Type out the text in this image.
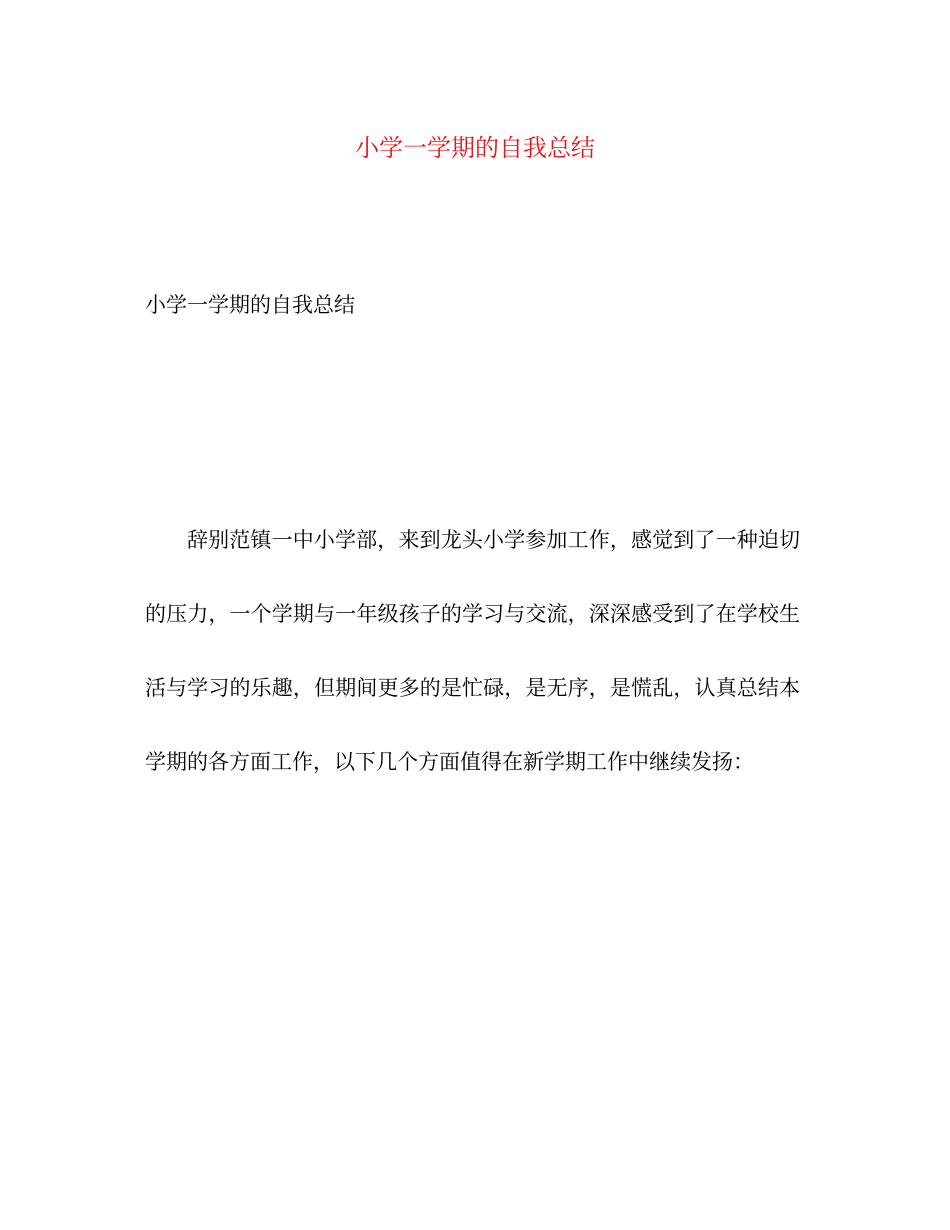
小学一学期的自我总结

小学一学期的自我总结

辞别范镇一中小学部，来到龙头小学参加工作，感觉到了一种迫切的压力，一个学期与一年级孩子的学习与交流，深深感受到了在学校生活与学习的乐趣，但期间更多的是忙碌，是无序，是慌乱，认真总结本学期的各方面工作，以下几个方面值得在新学期工作中继续发扬：
